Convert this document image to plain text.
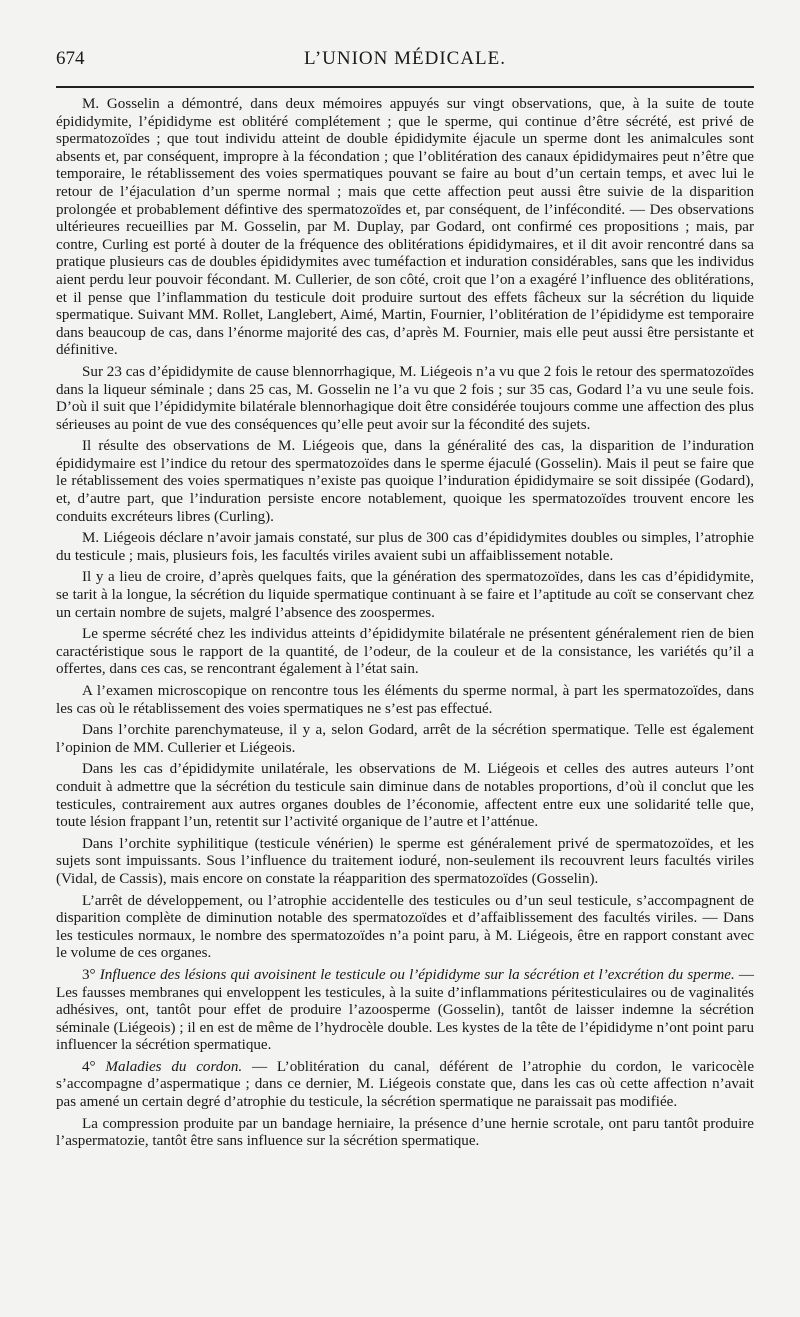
674	L’UNION MÉDICALE.

M. Gosselin a démontré, dans deux mémoires appuyés sur vingt observations, que, à la suite de toute épididymite, l’épididyme est oblitéré complétement ; que le sperme, qui continue d’être sécrété, est privé de spermatozoïdes ; que tout individu atteint de double épididymite éjacule un sperme dont les animalcules sont absents et, par conséquent, impropre à la fécondation ; que l’oblitération des canaux épididymaires peut n’être que temporaire, le rétablissement des voies spermatiques pouvant se faire au bout d’un certain temps, et avec lui le retour de l’éjaculation d’un sperme normal ; mais que cette affection peut aussi être suivie de la disparition prolongée et probablement défintive des spermatozoïdes et, par conséquent, de l’infécondité. — Des observations ultérieures recueillies par M. Gosselin, par M. Duplay, par Godard, ont confirmé ces propositions ; mais, par contre, Curling est porté à douter de la fréquence des oblitérations épididymaires, et il dit avoir rencontré dans sa pratique plusieurs cas de doubles épididymites avec tuméfaction et induration considérables, sans que les individus aient perdu leur pouvoir fécondant. M. Cullerier, de son côté, croit que l’on a exagéré l’influence des oblitérations, et il pense que l’inflammation du testicule doit produire surtout des effets fâcheux sur la sécrétion du liquide spermatique. Suivant MM. Rollet, Langlebert, Aimé, Martin, Fournier, l’oblitération de l’épididyme est temporaire dans beaucoup de cas, dans l’énorme majorité des cas, d’après M. Fournier, mais elle peut aussi être persistante et définitive.

Sur 23 cas d’épididymite de cause blennorrhagique, M. Liégeois n’a vu que 2 fois le retour des spermatozoïdes dans la liqueur séminale ; dans 25 cas, M. Gosselin ne l’a vu que 2 fois ; sur 35 cas, Godard l’a vu une seule fois. D’où il suit que l’épididymite bilatérale blennorhagique doit être considérée toujours comme une affection des plus sérieuses au point de vue des conséquences qu’elle peut avoir sur la fécondité des sujets.

Il résulte des observations de M. Liégeois que, dans la généralité des cas, la disparition de l’induration épididymaire est l’indice du retour des spermatozoïdes dans le sperme éjaculé (Gosselin). Mais il peut se faire que le rétablissement des voies spermatiques n’existe pas quoique l’induration épididymaire se soit dissipée (Godard), et, d’autre part, que l’induration persiste encore notablement, quoique les spermatozoïdes trouvent encore les conduits excréteurs libres (Curling).

M. Liégeois déclare n’avoir jamais constaté, sur plus de 300 cas d’épididymites doubles ou simples, l’atrophie du testicule ; mais, plusieurs fois, les facultés viriles avaient subi un affaiblissement notable.

Il y a lieu de croire, d’après quelques faits, que la génération des spermatozoïdes, dans les cas d’épididymite, se tarit à la longue, la sécrétion du liquide spermatique continuant à se faire et l’aptitude au coït se conservant chez un certain nombre de sujets, malgré l’absence des zoospermes.

Le sperme sécrété chez les individus atteints d’épididymite bilatérale ne présentent généralement rien de bien caractéristique sous le rapport de la quantité, de l’odeur, de la couleur et de la consistance, les variétés qu’il a offertes, dans ces cas, se rencontrant également à l’état sain.

A l’examen microscopique on rencontre tous les éléments du sperme normal, à part les spermatozoïdes, dans les cas où le rétablissement des voies spermatiques ne s’est pas effectué.

Dans l’orchite parenchymateuse, il y a, selon Godard, arrêt de la sécrétion spermatique. Telle est également l’opinion de MM. Cullerier et Liégeois.

Dans les cas d’épididymite unilatérale, les observations de M. Liégeois et celles des autres auteurs l’ont conduit à admettre que la sécrétion du testicule sain diminue dans de notables proportions, d’où il conclut que les testicules, contrairement aux autres organes doubles de l’économie, affectent entre eux une solidarité telle que, toute lésion frappant l’un, retentit sur l’activité organique de l’autre et l’atténue.

Dans l’orchite syphilitique (testicule vénérien) le sperme est généralement privé de spermatozoïdes, et les sujets sont impuissants. Sous l’influence du traitement ioduré, non-seulement ils recouvrent leurs facultés viriles (Vidal, de Cassis), mais encore on constate la réapparition des spermatozoïdes (Gosselin).

L’arrêt de développement, ou l’atrophie accidentelle des testicules ou d’un seul testicule, s’accompagnent de disparition complète de diminution notable des spermatozoïdes et d’affaiblissement des facultés viriles. — Dans les testicules normaux, le nombre des spermatozoïdes n’a point paru, à M. Liégeois, être en rapport constant avec le volume de ces organes.

3° Influence des lésions qui avoisinent le testicule ou l’épididyme sur la sécrétion et l’excrétion du sperme. — Les fausses membranes qui enveloppent les testicules, à la suite d’inflammations péritesticulaires ou de vaginalités adhésives, ont, tantôt pour effet de produire l’azoosperme (Gosselin), tantôt de laisser indemne la sécrétion séminale (Liégeois) ; il en est de même de l’hydrocèle double. Les kystes de la tête de l’épididyme n’ont point paru influencer la sécrétion spermatique.

4° Maladies du cordon. — L’oblitération du canal, déférent de l’atrophie du cordon, le varicocèle s’accompagne d’aspermatique ; dans ce dernier, M. Liégeois constate que, dans les cas où cette affection n’avait pas amené un certain degré d’atrophie du testicule, la sécrétion spermatique ne paraissait pas modifiée.

La compression produite par un bandage herniaire, la présence d’une hernie scrotale, ont paru tantôt produire l’aspermatozie, tantôt être sans influence sur la sécrétion spermatique.
